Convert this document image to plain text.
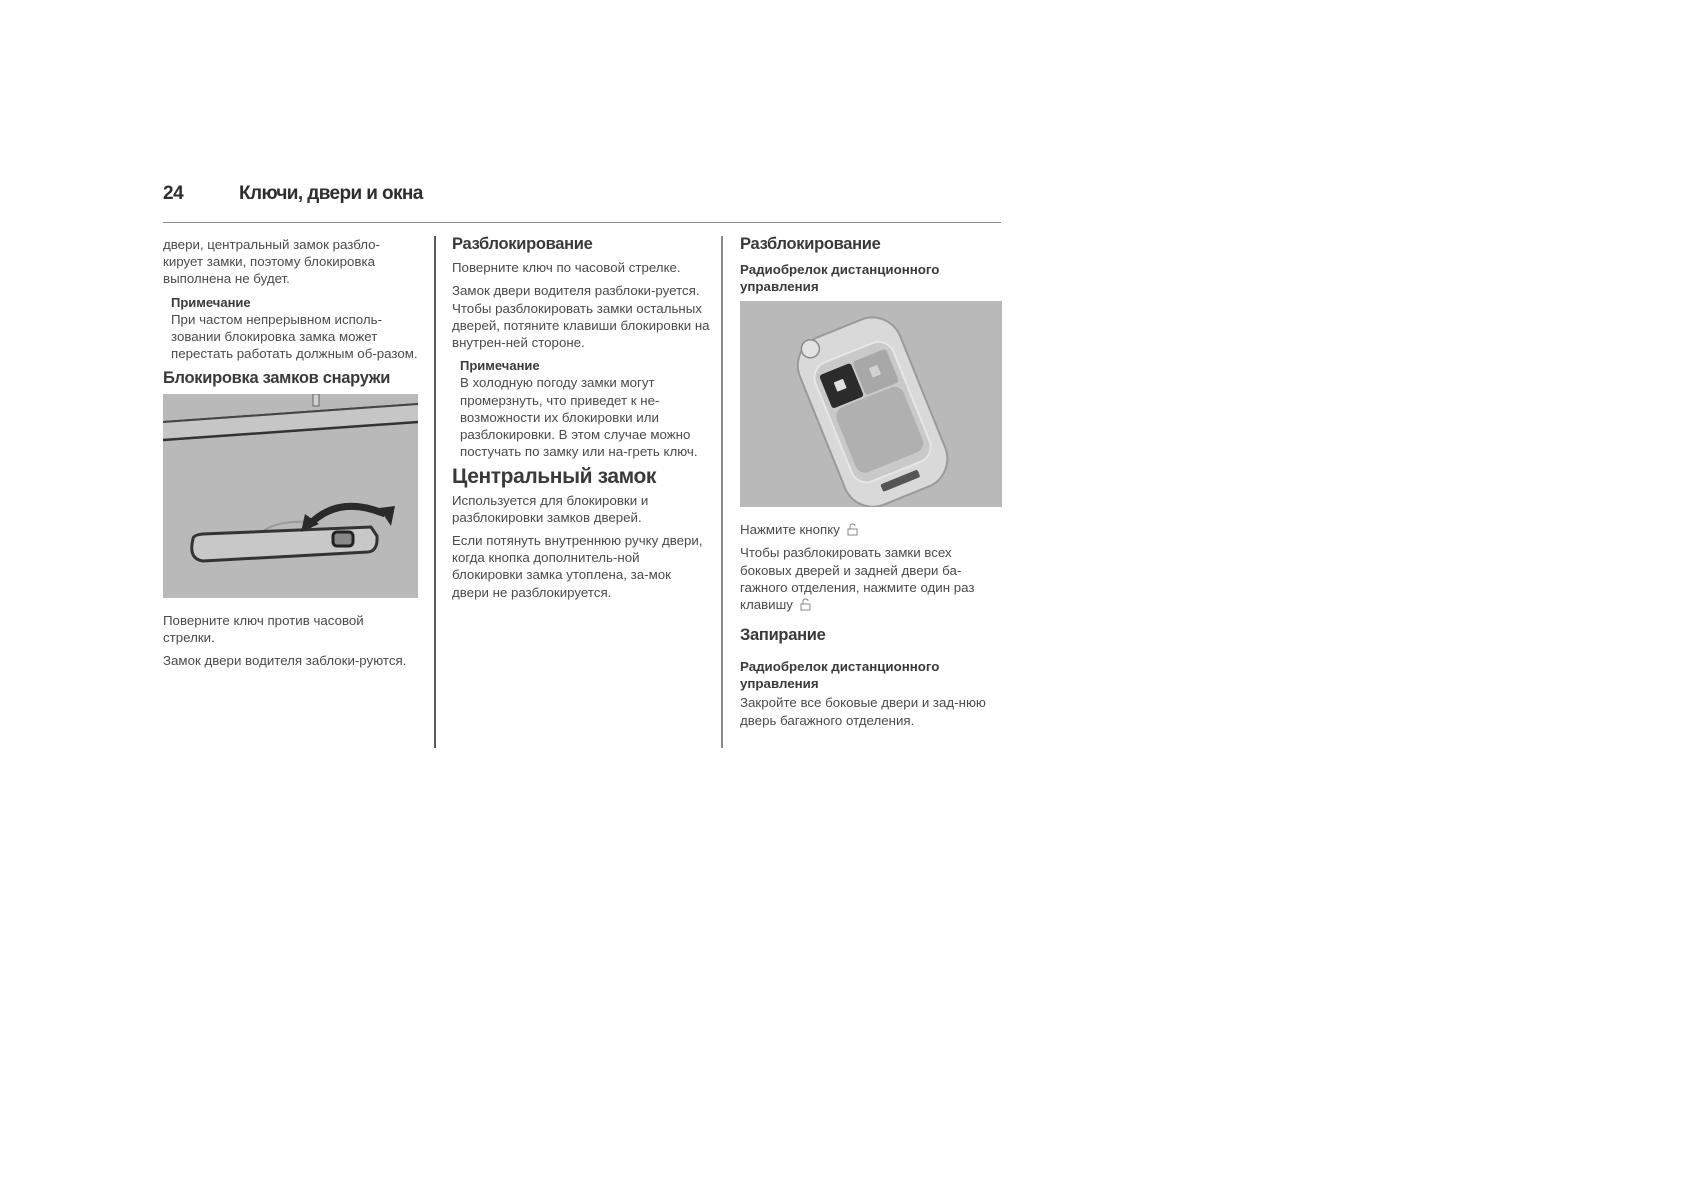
24	Ключи, двери и окна

двери, центральный замок разбло-кирует замки, поэтому блокировка выполнена не будет.

Примечание
При частом непрерывном исполь-зовании блокировка замка может перестать работать должным об-разом.
Блокировка замков снаружи

Поверните ключ против часовой стрелки.

Замок двери водителя заблоки-руются.

Разблокирование

Поверните ключ по часовой стрелке.

Замок двери водителя разблоки-руется. Чтобы разблокировать замки остальных дверей, потяните клавиши блокировки на внутрен-ней стороне.

Примечание
В холодную погоду замки могут промерзнуть, что приведет к не-возможности их блокировки или разблокировки. В этом случае можно постучать по замку или на-греть ключ.
Центральный замок

Используется для блокировки и разблокировки замков дверей.

Если потянуть внутреннюю ручку двери, когда кнопка дополнитель-ной блокировки замка утоплена, за-мок двери не разблокируется.

Разблокирование
Радиобрелок дистанционного управления

Нажмите кнопку

Чтобы разблокировать замки всех боковых дверей и задней двери ба-гажного отделения, нажмите один раз клавишу

Запирание
Радиобрелок дистанционного управления

Закройте все боковые двери и зад-нюю дверь багажного отделения.
